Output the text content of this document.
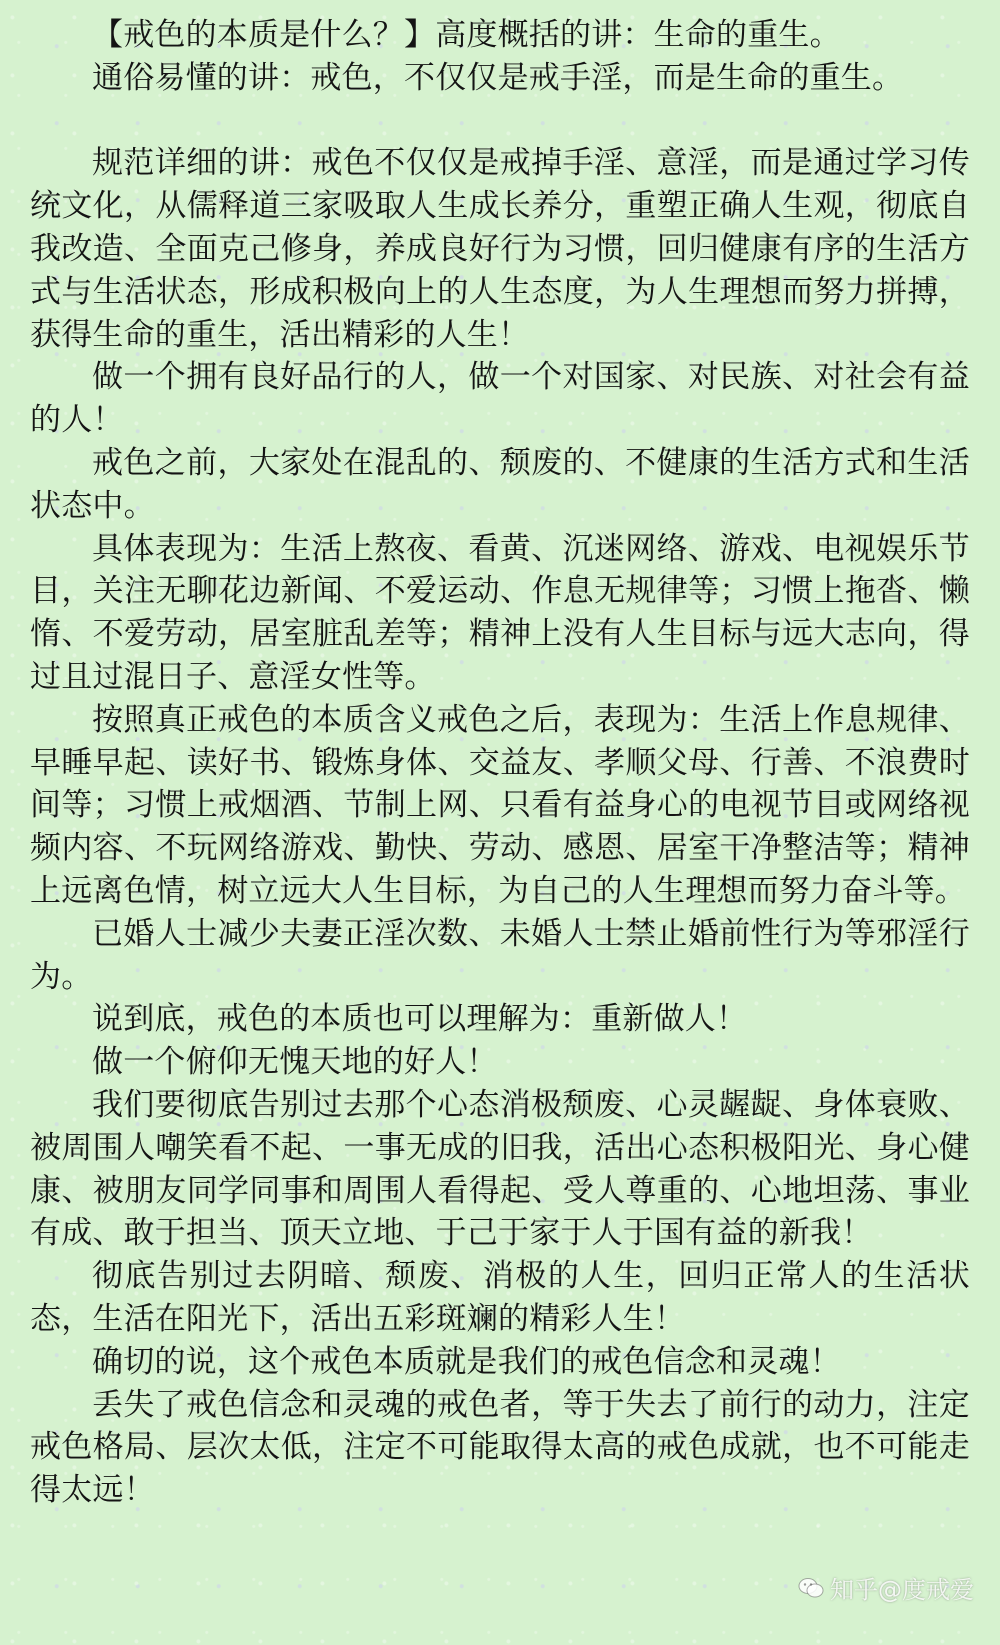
【戒色的本质是什么？】高度概括的讲：生命的重生。

通俗易懂的讲：戒色，不仅仅是戒手淫，而是生命的重生。

规范详细的讲：戒色不仅仅是戒掉手淫、意淫，而是通过学习传统文化，从儒释道三家吸取人生成长养分，重塑正确人生观，彻底自我改造、全面克己修身，养成良好行为习惯，回归健康有序的生活方式与生活状态，形成积极向上的人生态度，为人生理想而努力拼搏，获得生命的重生，活出精彩的人生！

做一个拥有良好品行的人，做一个对国家、对民族、对社会有益的人！

戒色之前，大家处在混乱的、颓废的、不健康的生活方式和生活状态中。

具体表现为：生活上熬夜、看黄、沉迷网络、游戏、电视娱乐节目，关注无聊花边新闻、不爱运动、作息无规律等；习惯上拖沓、懒惰、不爱劳动，居室脏乱差等；精神上没有人生目标与远大志向，得过且过混日子、意淫女性等。

按照真正戒色的本质含义戒色之后，表现为：生活上作息规律、早睡早起、读好书、锻炼身体、交益友、孝顺父母、行善、不浪费时间等；习惯上戒烟酒、节制上网、只看有益身心的电视节目或网络视频内容、不玩网络游戏、勤快、劳动、感恩、居室干净整洁等；精神上远离色情，树立远大人生目标，为自己的人生理想而努力奋斗等。

已婚人士减少夫妻正淫次数、未婚人士禁止婚前性行为等邪淫行为。

说到底，戒色的本质也可以理解为：重新做人！

做一个俯仰无愧天地的好人！

我们要彻底告别过去那个心态消极颓废、心灵龌龊、身体衰败、被周围人嘲笑看不起、一事无成的旧我，活出心态积极阳光、身心健康、被朋友同学同事和周围人看得起、受人尊重的、心地坦荡、事业有成、敢于担当、顶天立地、于己于家于人于国有益的新我！

彻底告别过去阴暗、颓废、消极的人生，回归正常人的生活状态，生活在阳光下，活出五彩斑斓的精彩人生！

确切的说，这个戒色本质就是我们的戒色信念和灵魂！

丢失了戒色信念和灵魂的戒色者，等于失去了前行的动力，注定戒色格局、层次太低，注定不可能取得太高的戒色成就，也不可能走得太远！

知乎@度戒爱
